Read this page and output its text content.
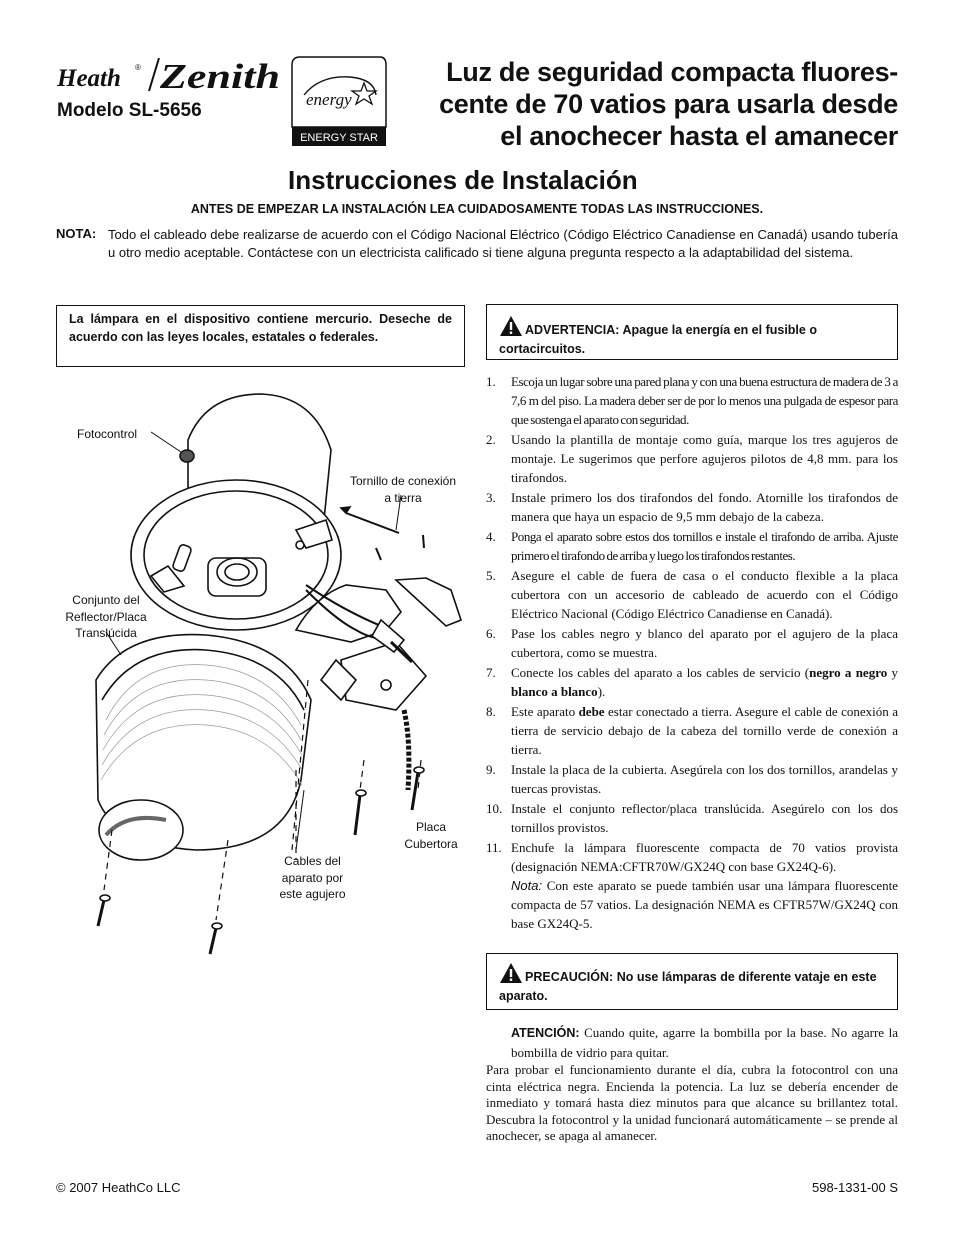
Heath ® Zenith
Modelo SL-5656
energy
ENERGY STAR
Luz de seguridad compacta fluores-
cente de 70 vatios para usarla desde
el anochecer hasta el amanecer
Instrucciones de Instalación
ANTES DE EMPEZAR LA INSTALACIÓN LEA CUIDADOSAMENTE TODAS LAS INSTRUCCIONES.
NOTA: Todo el cableado debe realizarse de acuerdo con el Código Nacional Eléctrico (Código Eléctrico Canadiense en Canadá) usando tubería u otro medio aceptable. Contáctese con un electricista calificado si tiene alguna pregunta respecto a la adaptabilidad del sistema.
La lámpara en el dispositivo contiene mercurio. Deseche de acuerdo con las leyes locales, estatales o federales.
Fotocontrol
Tornillo de conexión
a tierra
Conjunto del
Reflector/Placa
Translúcida
Placa
Cubertora
Cables del
aparato por
este agujero
ADVERTENCIA: Apague la energía en el fusible o cortacircuitos.
1. Escoja un lugar sobre una pared plana y con una buena estructura de madera de 3 a 7,6 m del piso. La madera deber ser de por lo menos una pulgada de espesor para que sostenga el aparato con seguridad.
2. Usando la plantilla de montaje como guía, marque los tres agujeros de montaje. Le sugerimos que perfore agujeros pilotos de 4,8 mm. para los tirafondos.
3. Instale primero los dos tirafondos del fondo. Atornille los tirafondos de manera que haya un espacio de 9,5 mm debajo de la cabeza.
4. Ponga el aparato sobre estos dos tornillos e instale el tirafondo de arriba. Ajuste primero el tirafondo de arriba y luego los tirafondos restantes.
5. Asegure el cable de fuera de casa o el conducto flexible a la placa cubertora con un accesorio de cableado de acuerdo con el Código Eléctrico Nacional (Código Eléctrico Canadiense en Canadá).
6. Pase los cables negro y blanco del aparato por el agujero de la placa cubertora, como se muestra.
7. Conecte los cables del aparato a los cables de servicio (negro a negro y blanco a blanco).
8. Este aparato debe estar conectado a tierra. Asegure el cable de conexión a tierra de servicio debajo de la cabeza del tornillo verde de conexión a tierra.
9. Instale la placa de la cubierta. Asegúrela con los dos tornillos, arandelas y tuercas provistas.
10. Instale el conjunto reflector/placa translúcida. Asegúrelo con los dos tornillos provistos.
11. Enchufe la lámpara fluorescente compacta de 70 vatios provista (designación NEMA:CFTR70W/GX24Q con base GX24Q-6).
Nota: Con este aparato se puede también usar una lámpara fluorescente compacta de 57 vatios. La designación NEMA es CFTR57W/GX24Q con base GX24Q-5.
PRECAUCIÓN: No use lámparas de diferente vataje en este aparato.
ATENCIÓN: Cuando quite, agarre la bombilla por la base. No agarre la bombilla de vidrio para quitar.
Para probar el funcionamiento durante el día, cubra la fotocontrol con una cinta eléctrica negra. Encienda la potencia. La luz se debería encender de inmediato y tomará hasta diez minutos para que alcance su brillantez total. Descubra la fotocontrol y la unidad funcionará automáticamente – se prende al anochecer, se apaga al amanecer.
© 2007 HeathCo LLC	598-1331-00 S
